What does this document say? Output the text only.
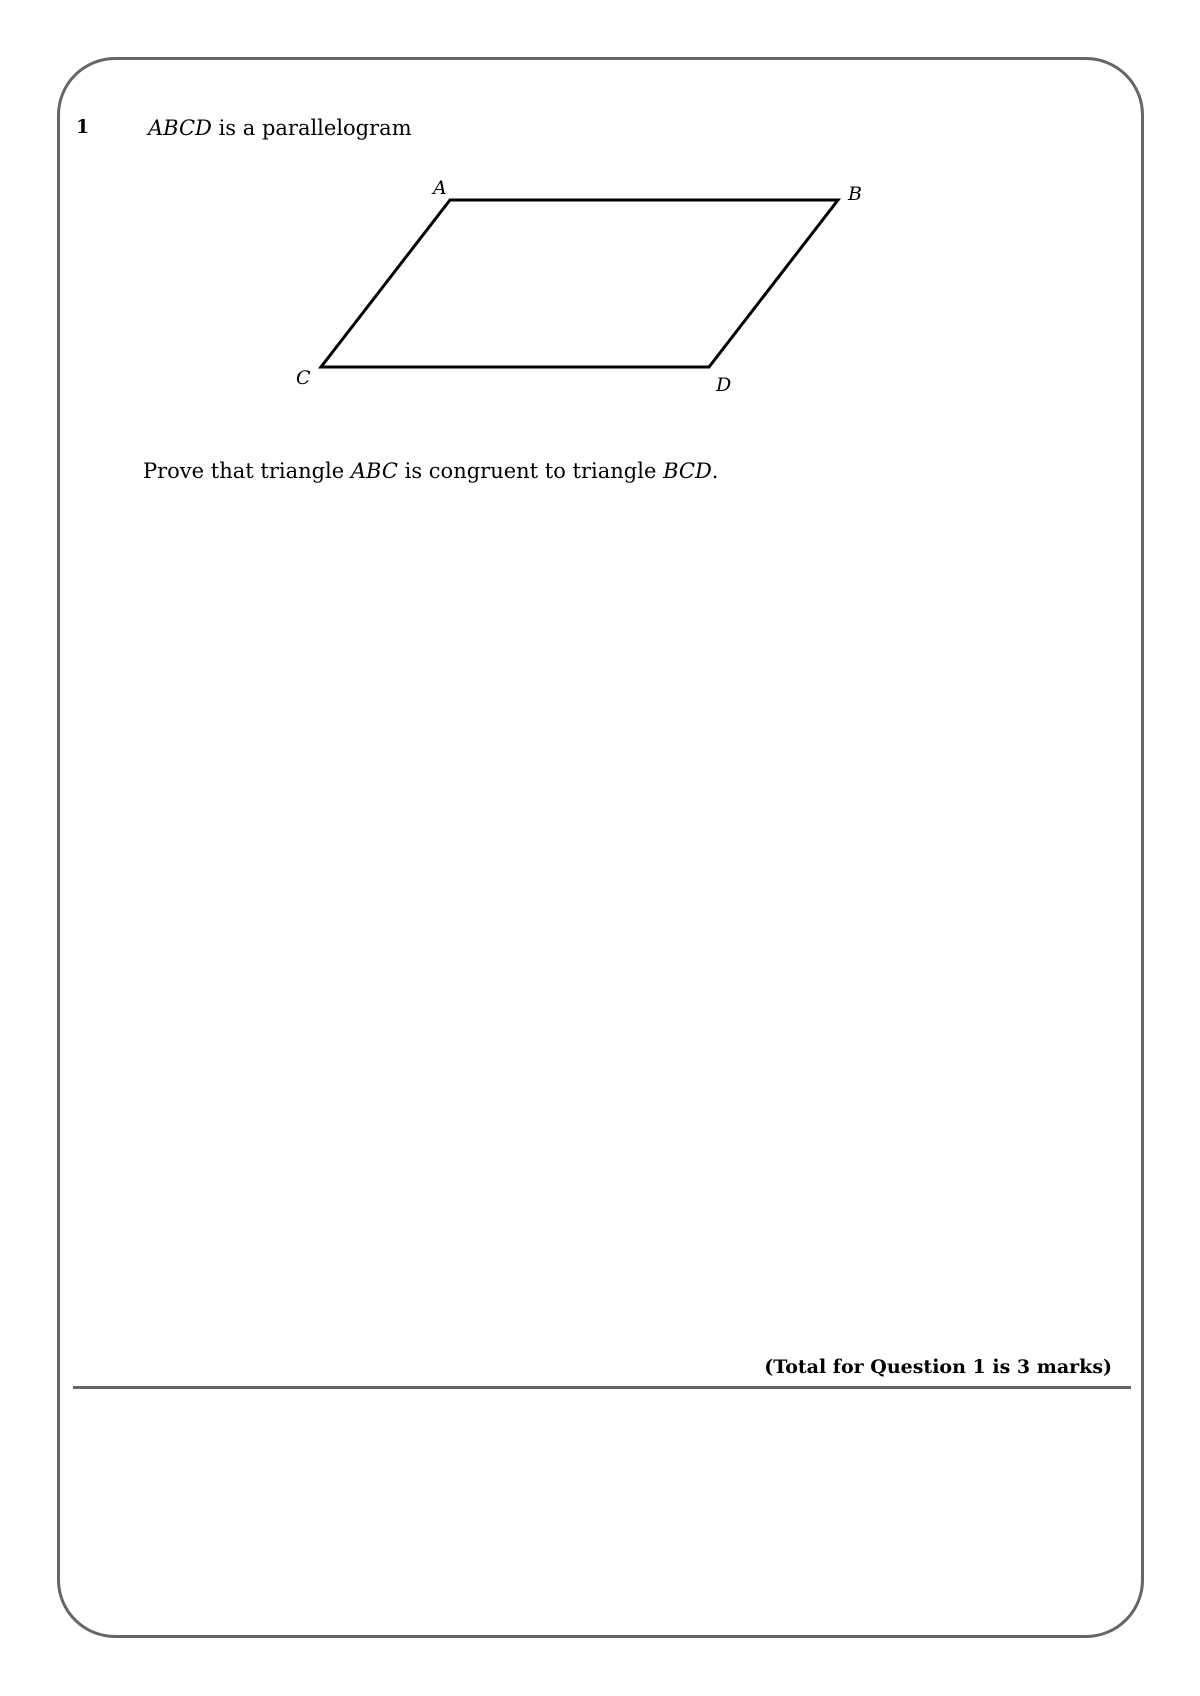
1	ABCD is a parallelogram
A	B
C	D
Prove that triangle ABC is congruent to triangle BCD.
(Total for Question 1 is 3 marks)
